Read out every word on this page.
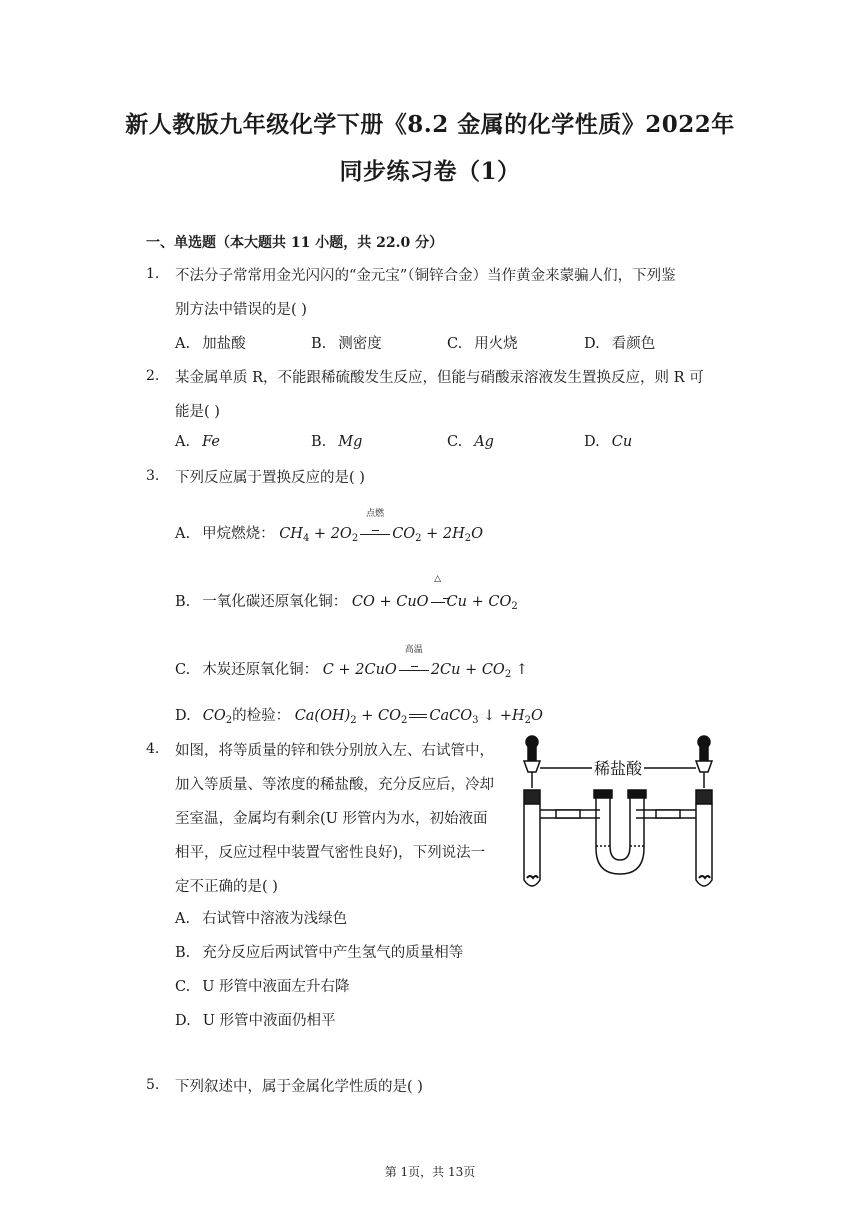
新人教版九年级化学下册《8.2 金属的化学性质》2022年
同步练习卷（1）
一、单选题（本大题共 11 小题，共 22.0 分）
1. 不法分子常常用金光闪闪的“金元宝”（铜锌合金）当作黄金来蒙骗人们，下列鉴
别方法中错误的是( )
A. 加盐酸	B. 测密度	C. 用火烧	D. 看颜色
2. 某金属单质 R，不能跟稀硫酸发生反应，但能与硝酸汞溶液发生置换反应，则 R 可
能是( )
A. Fe	B. Mg	C. Ag	D. Cu
3. 下列反应属于置换反应的是( )
A. 甲烷燃烧： $CH_4 + 2O_2$
点燃
$CO_2 + 2H_2O$
B. 一氧化碳还原氧化铜： CO + CuO
△
$Cu + CO_2$
C. 木炭还原氧化铜： C + 2CuO
高温
$2Cu + CO_2$ ↑
D. $CO_2$的检验： $Ca(OH)_2 + CO_2$ CaCO$_3$ ↓ $+H_2O$
4. 如图，将等质量的锌和铁分别放入左、右试管中，
加入等质量、等浓度的稀盐酸，充分反应后，冷却
至室温，金属均有剩余(U 形管内为水，初始液面
相平，反应过程中装置气密性良好)，下列说法一
定不正确的是( )
A. 右试管中溶液为浅绿色
B. 充分反应后两试管中产生氢气的质量相等
C. U 形管中液面左升右降
D. U 形管中液面仍相平
稀盐酸
5. 下列叙述中，属于金属化学性质的是( )
第 1页，共 13页
